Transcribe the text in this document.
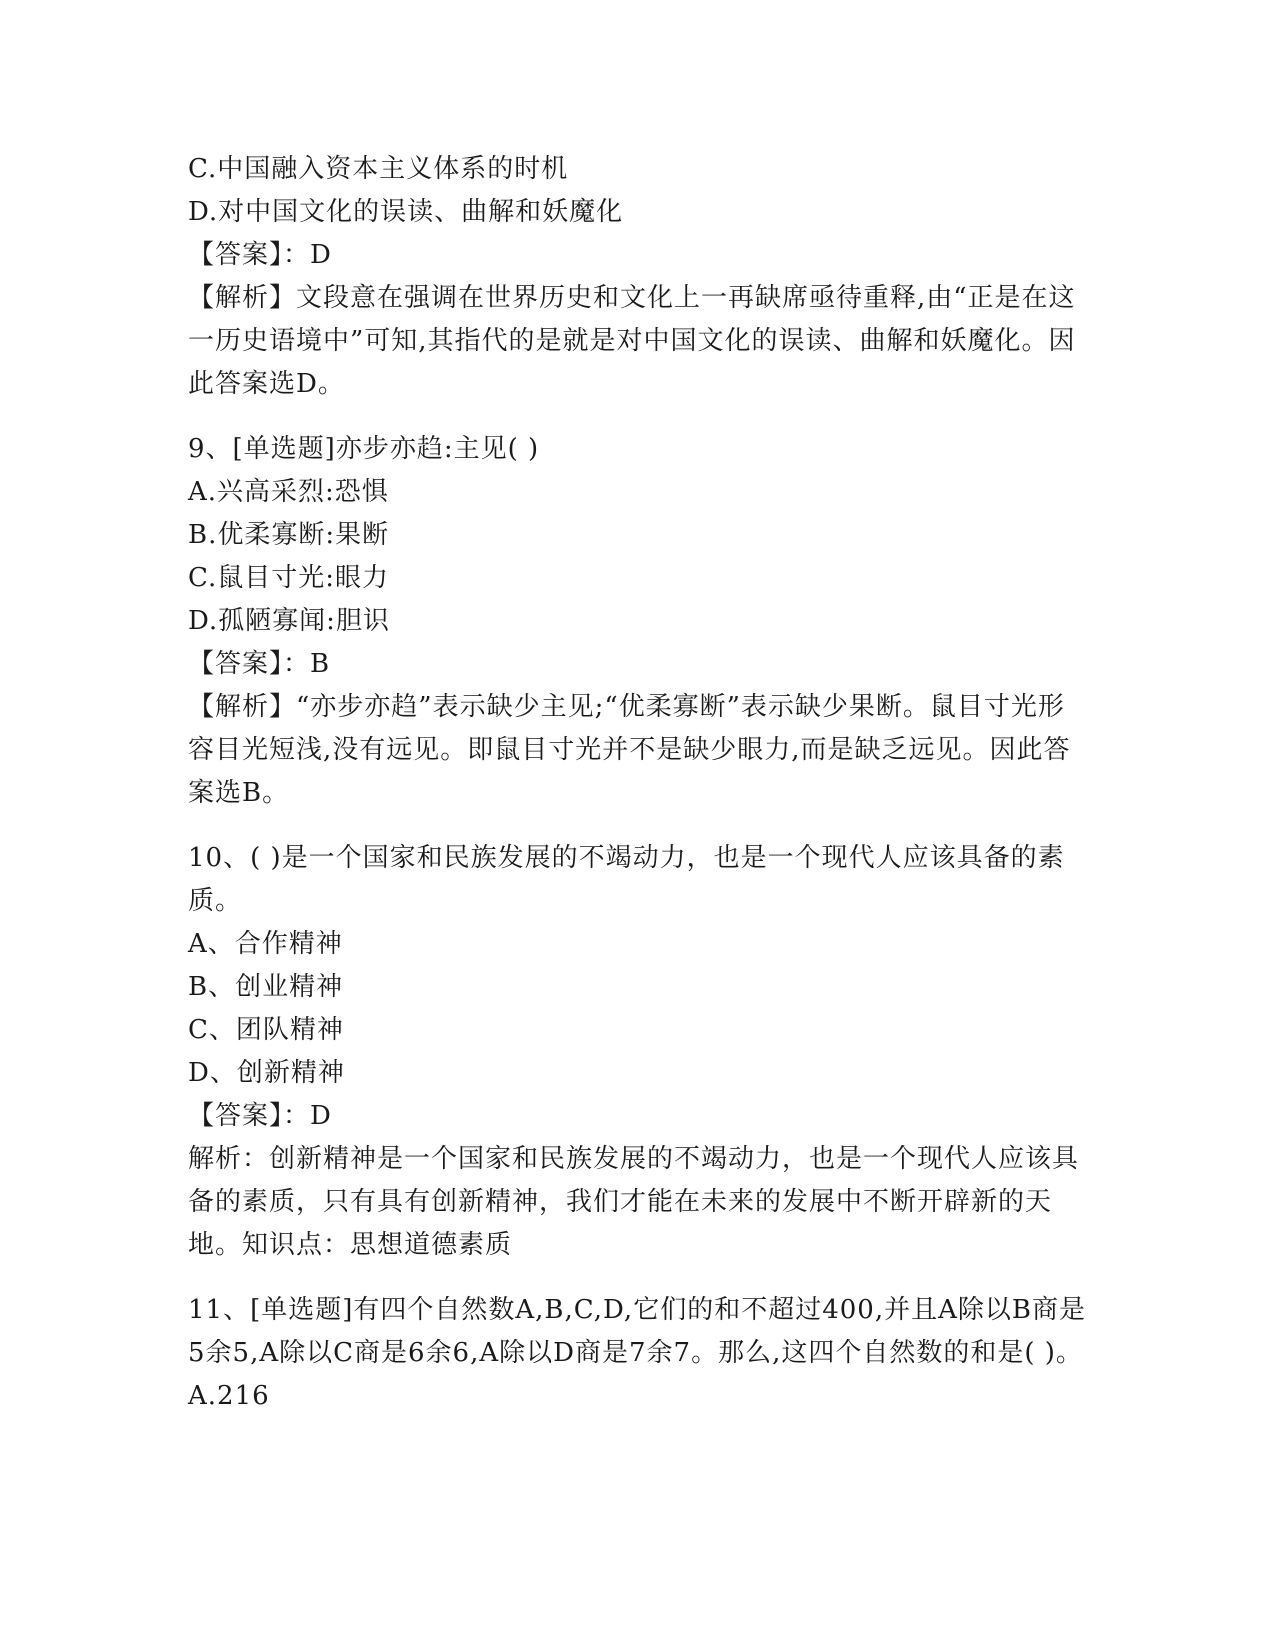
C.中国融入资本主义体系的时机
D.对中国文化的误读、曲解和妖魔化
【答案】：D
【解析】文段意在强调在世界历史和文化上一再缺席亟待重释,由“正是在这一历史语境中”可知,其指代的是就是对中国文化的误读、曲解和妖魔化。因此答案选D。
9、[单选题]亦步亦趋:主见( )
A.兴高采烈:恐惧
B.优柔寡断:果断
C.鼠目寸光:眼力
D.孤陋寡闻:胆识
【答案】：B
【解析】“亦步亦趋”表示缺少主见;“优柔寡断”表示缺少果断。鼠目寸光形容目光短浅,没有远见。即鼠目寸光并不是缺少眼力,而是缺乏远见。因此答案选B。
10、( )是一个国家和民族发展的不竭动力，也是一个现代人应该具备的素质。
A、合作精神
B、创业精神
C、团队精神
D、创新精神
【答案】：D
解析：创新精神是一个国家和民族发展的不竭动力，也是一个现代人应该具备的素质，只有具有创新精神，我们才能在未来的发展中不断开辟新的天地。知识点：思想道德素质
11、[单选题]有四个自然数A,B,C,D,它们的和不超过400,并且A除以B商是5余5,A除以C商是6余6,A除以D商是7余7。那么,这四个自然数的和是( )。
A.216
